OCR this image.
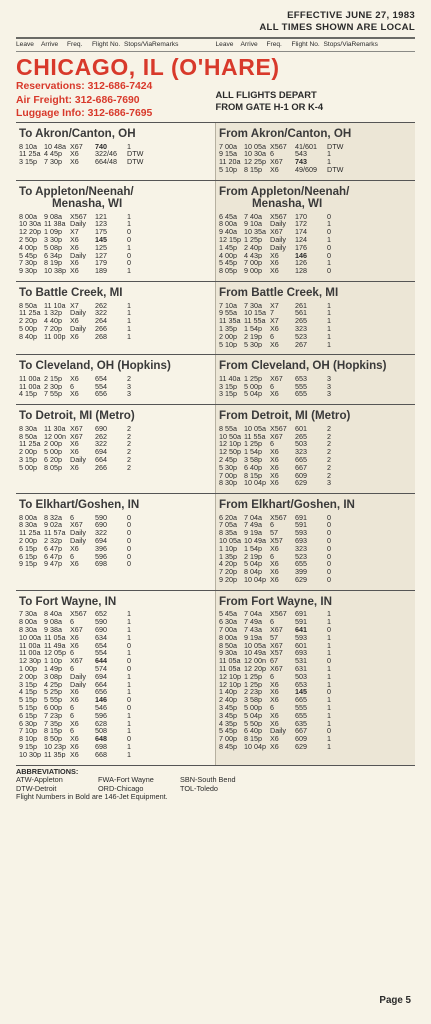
EFFECTIVE JUNE 27, 1983
ALL TIMES SHOWN ARE LOCAL
Leave	Arrive	Freq.	Flight No. Stops/Via Remarks	Leave	Arrive	Freq.	Flight No. Stops/Via Remarks
CHICAGO, IL (O'HARE)
Reservations: 312-686-7424
Air Freight: 312-686-7690
Luggage Info: 312-686-7695
ALL FLIGHTS DEPART
FROM GATE H-1 OR K-4
To Akron/Canton, OH
8 10a 10 48a X67	740	1
11 25a 4 45p	X6	322/46	DTW
3 15p 7 30p	X6	664/48	DTW
From Akron/Canton, OH
7 00a 10 05a X567	41/601	DTW
9 15a 10 30a 6	543	1
11 20a 12 25p X67	743	1
5 10p 8 15p	X6	49/609	DTW
To Appleton/Neenah/
Menasha, WI
8 00a 9 08a	X567	121	1
10 30a 11 38a Daily	123	1
12 20p 1 09p	X7	175	0
2 50p 3 30p	X6	145	0
4 00p 5 08p	X6	125	1
5 45p 6 34p	Daily	127	0
7 30p 8 19p	X6	179	0
9 30p 10 38p X6	189	1
From Appleton/Neenah/
Menasha, WI
6 45a 7 40a	X567	170	0
8 00a 9 10a	Daily	172	1
9 40a 10 35a X67	174	0
12 15p 1 25p	Daily	124	1
1 45p 2 40p	Daily	176	0
4 00p 4 43p	X6	146	0
5 45p 7 00p	X6	126	1
8 05p 9 00p	X6	128	0
To Battle Creek, MI
8 50a 11 10a X7	262	1
11 25a 1 32p	Daily	322	1
2 20p 4 40p	X6	264	1
5 00p 7 20p	Daily	266	1
8 40p 11 00p X6	268	1
From Battle Creek, MI
7 10a 7 30a	X7	261	1
9 55a 10 15a 7	561	1
11 35a 11 55a X7	265	1
1 35p 1 54p	X6	323	1
2 00p 2 19p	6	523	1
5 10p 5 30p	X6	267	1
To Cleveland, OH (Hopkins)
11 00a 2 15p	X6	654	2
11 00a 2 30p	6	554	3
4 15p 7 55p	X6	656	3
From Cleveland, OH (Hopkins)
11 40a 1 25p	X67	653	3
3 15p 5 00p	6	555	3
3 15p 5 04p	X6	655	3
To Detroit, MI (Metro)
8 30a 11 30a X67	690	2
8 50a 12 00n X67	262	2
11 25a 2 00p	X6	322	2
2 00p 5 00p	X6	694	2
3 15p 6 20p	Daily	664	2
5 00p 8 05p	X6	266	2
From Detroit, MI (Metro)
8 55a 10 05a X567	601	2
10 50a 11 55a X67	265	2
12 10p 1 25p	6	503	2
12 50p 1 54p	X6	323	2
2 45p 3 58p	X6	665	2
5 30p 6 40p	X6	667	2
7 00p 8 15p	X6	609	2
8 30p 10 04p X6	629	3
To Elkhart/Goshen, IN
8 00a 8 32a	6	590	0
8 30a 9 02a	X67	690	0
11 25a 11 57a Daily	322	0
2 00p 2 32p	Daily	694	0
6 15p 6 47p	X6	396	0
6 15p 6 47p	6	596	0
9 15p 9 47p	X6	698	0
From Elkhart/Goshen, IN
6 20a 7 04a	X567	691	0
7 05a 7 49a	6	591	0
8 35a 9 19a	57	593	0
10 05a 10 49a X57	693	0
1 10p 1 54p	X6	323	0
1 35p 2 19p	6	523	0
4 20p 5 04p	X6	655	0
7 20p 8 04p	X6	399	0
9 20p 10 04p X6	629	0
To Fort Wayne, IN
7 30a 8 40a	X567	652	1
8 00a 9 08a	6	590	1
8 30a 9 38a	X67	690	1
10 00a 11 05a X6	634	1
11 00a 11 49a X6	654	0
11 00a 12 05p 6	554	1
12 30p 1 10p	X67	644	0
1 00p 1 49p	6	574	0
2 00p 3 08p	Daily	694	1
3 15p 4 25p	Daily	664	1
4 15p 5 25p	X6	656	1
5 15p 5 55p	X6	146	0
5 15p 6 00p	6	546	0
6 15p 7 23p	6	596	1
6 30p 7 35p	X6	628	1
7 10p 8 15p	6	508	1
8 10p 8 50p	X6	648	0
9 15p 10 23p X6	698	1
10 30p 11 35p X6	668	1
From Fort Wayne, IN
5 45a 7 04a	X567	691	1
6 30a 7 49a	6	591	1
7 00a 7 43a	X67	641	0
8 00a 9 19a	57	593	1
8 50a 10 05a X67	601	1
9 30a 10 49a X57	693	1
11 05a 12 00n 67	531	0
11 05a 12 20p X67	631	1
12 10p 1 25p	6	503	1
12 10p 1 25p	X6	653	1
1 40p 2 23p	X6	145	0
2 40p 3 58p	X6	665	1
3 45p 5 00p	6	555	1
3 45p 5 04p	X6	655	1
4 35p 5 50p	X6	635	1
5 45p 6 40p	Daily	667	0
7 00p 8 15p	X6	609	1
8 45p 10 04p X6	629	1
ABBREVIATIONS:
ATW-Appleton	FWA-Fort Wayne	SBN-South Bend
DTW-Detroit	ORD-Chicago	TOL-Toledo
Flight Numbers in Bold are 146-Jet Equipment.
Page 5
